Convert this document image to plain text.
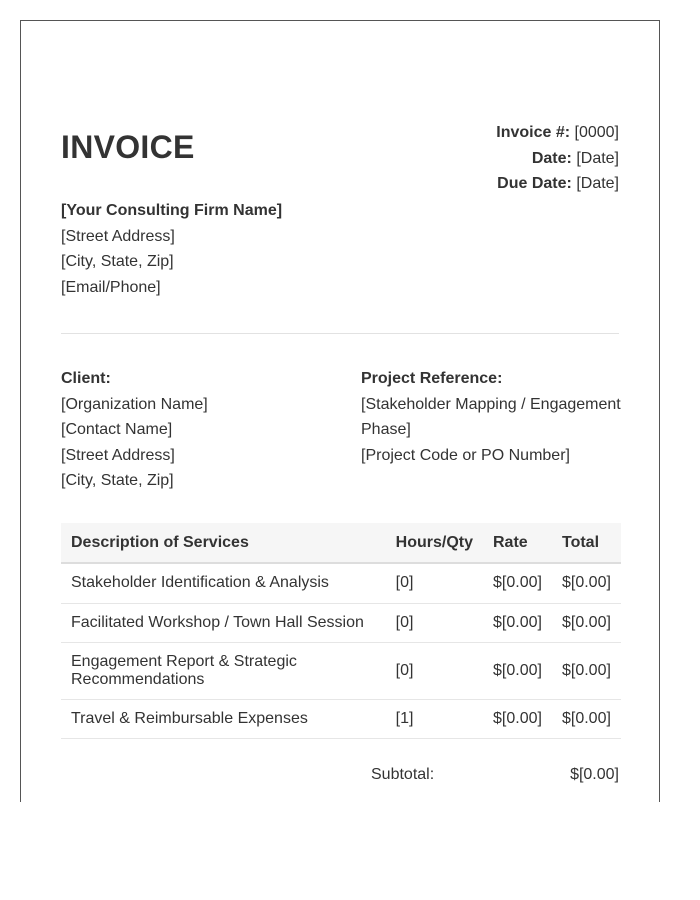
INVOICE	Invoice #: [0000]
Date: [Date]
Due Date: [Date]
[Your Consulting Firm Name]
[Street Address]
[City, State, Zip]
[Email/Phone]
Client:
[Organization Name]
[Contact Name]
[Street Address]
[City, State, Zip]
Project Reference:
[Stakeholder Mapping / Engagement Phase]
[Project Code or PO Number]
Description of Services	Hours/Qty	Rate	Total
Stakeholder Identification & Analysis	[0]	$[0.00]	$[0.00]
Facilitated Workshop / Town Hall Session	[0]	$[0.00]	$[0.00]
Engagement Report & Strategic Recommendations	[0]	$[0.00]	$[0.00]
Travel & Reimbursable Expenses	[1]	$[0.00]	$[0.00]
Subtotal:	$[0.00]
